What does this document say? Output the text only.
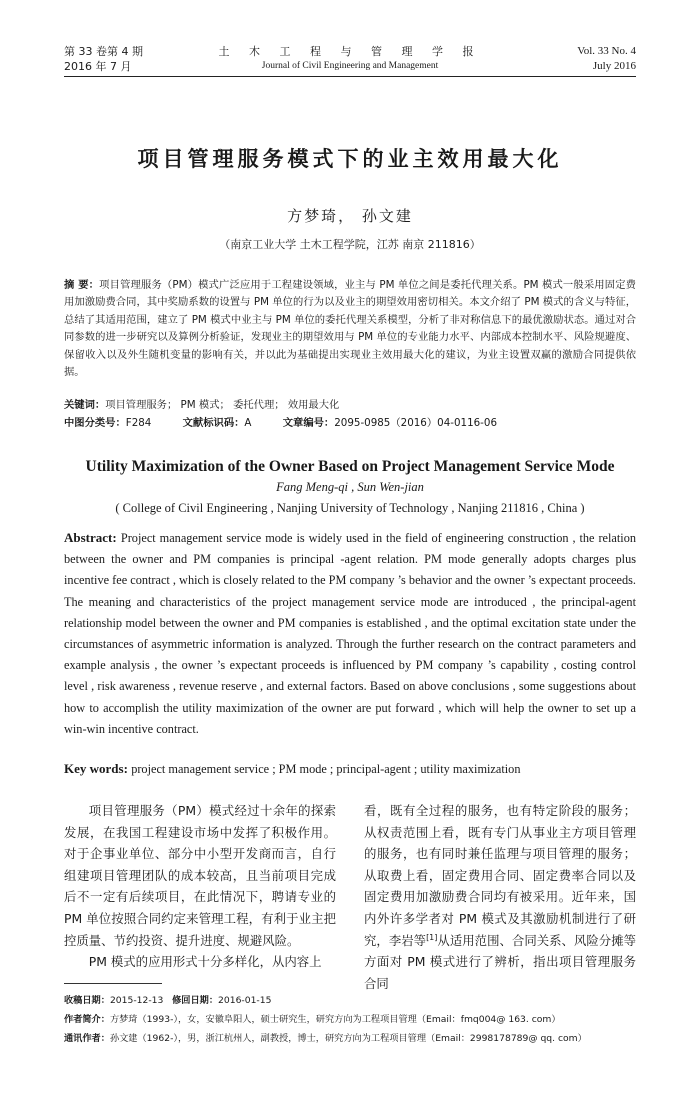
第 33 卷第 4 期
2016 年 7 月
土 木 工 程 与 管 理 学 报
Journal of Civil Engineering and Management
Vol. 33 No. 4
July 2016
项目管理服务模式下的业主效用最大化
方梦琦， 孙文建
（南京工业大学 土木工程学院，江苏 南京 211816）
摘 要：项目管理服务（PM）模式广泛应用于工程建设领域，业主与 PM 单位之间是委托代理关系。PM 模式一般采用固定费用加激励费合同，其中奖励系数的设置与 PM 单位的行为以及业主的期望效用密切相关。本文介绍了 PM 模式的含义与特征，总结了其适用范围，建立了 PM 模式中业主与 PM 单位的委托代理关系模型，分析了非对称信息下的最优激励状态。通过对合同参数的进一步研究以及算例分析验证，发现业主的期望效用与 PM 单位的专业能力水平、内部成本控制水平、风险规避度、保留收入以及外生随机变量的影响有关，并以此为基础提出实现业主效用最大化的建议，为业主设置双赢的激励合同提供依据。
关键词：项目管理服务； PM 模式； 委托代理； 效用最大化
中图分类号：F284	文献标识码：A	文章编号：2095-0985（2016）04-0116-06
Utility Maximization of the Owner Based on Project Management Service Mode
Fang Meng-qi , Sun Wen-jian
( College of Civil Engineering , Nanjing University of Technology , Nanjing 211816 , China )
Abstract: Project management service mode is widely used in the field of engineering construction , the relation between the owner and PM companies is principal -agent relation. PM mode generally adopts charges plus incentive fee contract , which is closely related to the PM company ’s behavior and the owner ’s expectant proceeds. The meaning and characteristics of the project management service mode are introduced , the principal-agent relationship model between the owner and PM companies is established , and the optimal excitation state under the circumstances of asymmetric information is analyzed. Through the further research on the contract parameters and example analysis , the owner ’s expectant proceeds is influenced by PM company ’s capability , costing control level , risk awareness , revenue reserve , and external factors. Based on above conclusions , some suggestions about how to accomplish the utility maximization of the owner are put forward , which will help the owner to set up a win-win incentive contract.
Key words: project management service ; PM mode ; principal-agent ; utility maximization

项目管理服务（PM）模式经过十余年的探索发展，在我国工程建设市场中发挥了积极作用。对于企事业单位、部分中小型开发商而言，自行组建项目管理团队的成本较高，且当前项目完成后不一定有后续项目，在此情况下，聘请专业的 PM 单位按照合同约定来管理工程，有利于业主把控质量、节约投资、提升进度、规避风险。

PM 模式的应用形式十分多样化，从内容上

看，既有全过程的服务，也有特定阶段的服务；从权责范围上看，既有专门从事业主方项目管理的服务，也有同时兼任监理与项目管理的服务；从取费上看，固定费用合同、固定费率合同以及固定费用加激励费合同均有被采用。近年来，国内外许多学者对 PM 模式及其激励机制进行了研究，李岩等[1]从适用范围、合同关系、风险分摊等方面对 PM 模式进行了辨析，指出项目管理服务合同

收稿日期：2015-12-13 修回日期：2016-01-15
作者简介：方梦琦（1993-），女，安徽阜阳人，硕士研究生，研究方向为工程项目管理（Email：fmq004@ 163. com）
通讯作者：孙文建（1962-），男，浙江杭州人，副教授，博士，研究方向为工程项目管理（Email：2998178789@ qq. com）
